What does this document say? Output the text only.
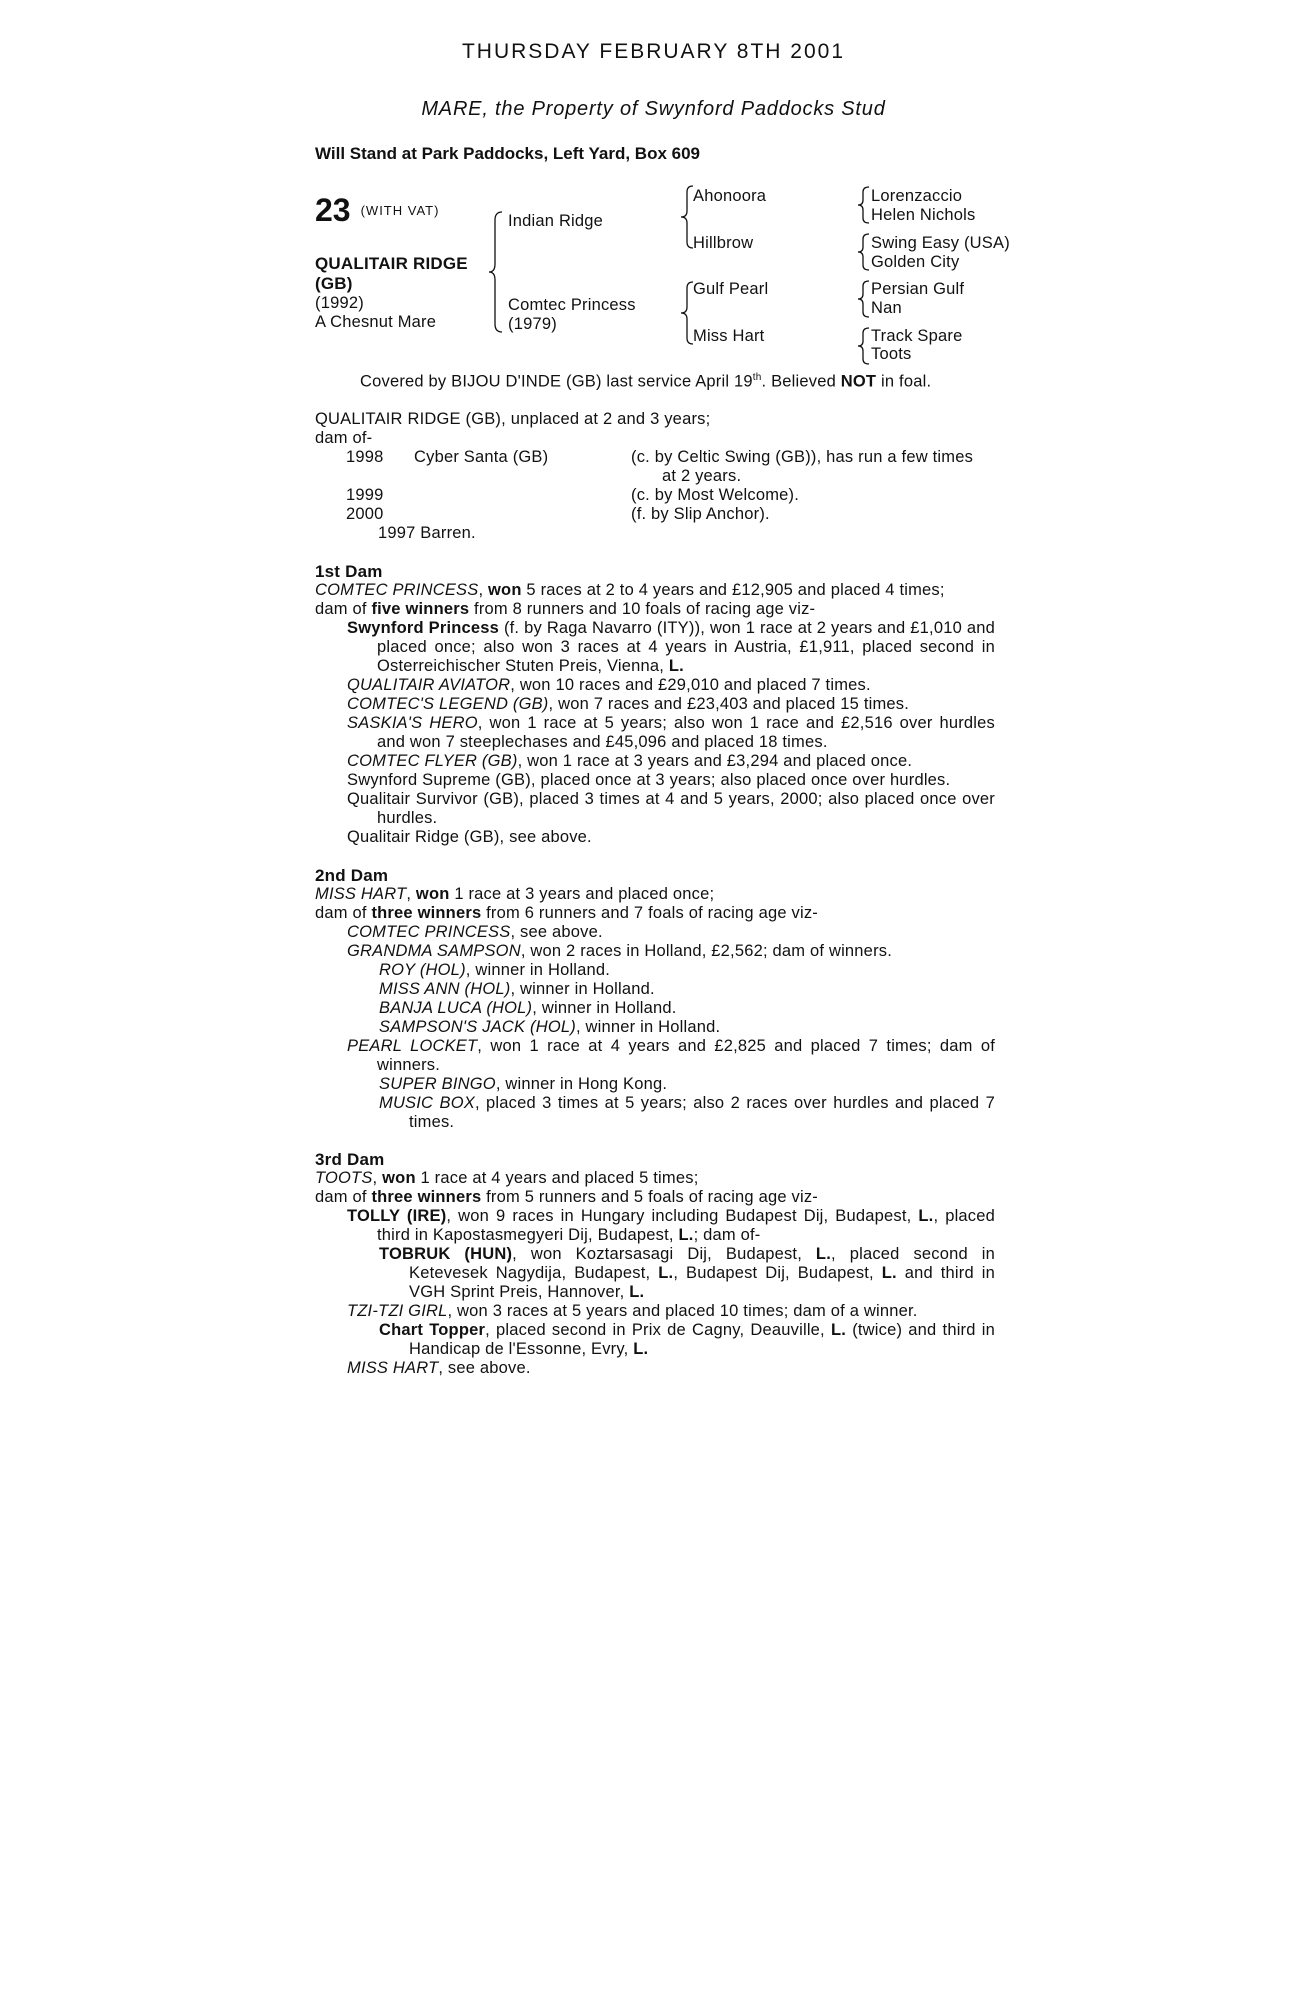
THURSDAY FEBRUARY 8TH 2001
MARE, the Property of Swynford Paddocks Stud
Will Stand at Park Paddocks, Left Yard, Box 609
23 $^{(WITH VAT)}$
QUALITAIR RIDGE (GB)
(1992)
A Chesnut Mare
Indian Ridge
Comtec Princess
(1979)
Ahonoora
Hillbrow
Gulf Pearl
Miss Hart
Lorenzaccio
Helen Nichols
Swing Easy (USA)
Golden City
Persian Gulf
Nan
Track Spare
Toots
Covered by BIJOU D'INDE (GB) last service April 19th. Believed NOT in foal.
QUALITAIR RIDGE (GB), unplaced at 2 and 3 years;
dam of-
1998 Cyber Santa (GB)	(c. by Celtic Swing (GB)), has run a few times
at 2 years.
1999	(c. by Most Welcome).
2000	(f. by Slip Anchor).
1997 Barren.
1st Dam
COMTEC PRINCESS, won 5 races at 2 to 4 years and £12,905 and placed 4 times;
dam of five winners from 8 runners and 10 foals of racing age viz-
Swynford Princess (f. by Raga Navarro (ITY)), won 1 race at 2 years and £1,010 and placed once; also won 3 races at 4 years in Austria, £1,911, placed second in Osterreichischer Stuten Preis, Vienna, L.
QUALITAIR AVIATOR, won 10 races and £29,010 and placed 7 times.
COMTEC'S LEGEND (GB), won 7 races and £23,403 and placed 15 times.
SASKIA'S HERO, won 1 race at 5 years; also won 1 race and £2,516 over hurdles and won 7 steeplechases and £45,096 and placed 18 times.
COMTEC FLYER (GB), won 1 race at 3 years and £3,294 and placed once.
Swynford Supreme (GB), placed once at 3 years; also placed once over hurdles.
Qualitair Survivor (GB), placed 3 times at 4 and 5 years, 2000; also placed once over hurdles.
Qualitair Ridge (GB), see above.
2nd Dam
MISS HART, won 1 race at 3 years and placed once;
dam of three winners from 6 runners and 7 foals of racing age viz-
COMTEC PRINCESS, see above.
GRANDMA SAMPSON, won 2 races in Holland, £2,562; dam of winners.
ROY (HOL), winner in Holland.
MISS ANN (HOL), winner in Holland.
BANJA LUCA (HOL), winner in Holland.
SAMPSON'S JACK (HOL), winner in Holland.
PEARL LOCKET, won 1 race at 4 years and £2,825 and placed 7 times; dam of winners.
SUPER BINGO, winner in Hong Kong.
MUSIC BOX, placed 3 times at 5 years; also 2 races over hurdles and placed 7 times.
3rd Dam
TOOTS, won 1 race at 4 years and placed 5 times;
dam of three winners from 5 runners and 5 foals of racing age viz-
TOLLY (IRE), won 9 races in Hungary including Budapest Dij, Budapest, L., placed third in Kapostasmegyeri Dij, Budapest, L.; dam of-
TOBRUK (HUN), won Koztarsasagi Dij, Budapest, L., placed second in Ketevesek Nagydija, Budapest, L., Budapest Dij, Budapest, L. and third in VGH Sprint Preis, Hannover, L.
TZI-TZI GIRL, won 3 races at 5 years and placed 10 times; dam of a winner.
Chart Topper, placed second in Prix de Cagny, Deauville, L. (twice) and third in Handicap de l'Essonne, Evry, L.
MISS HART, see above.
